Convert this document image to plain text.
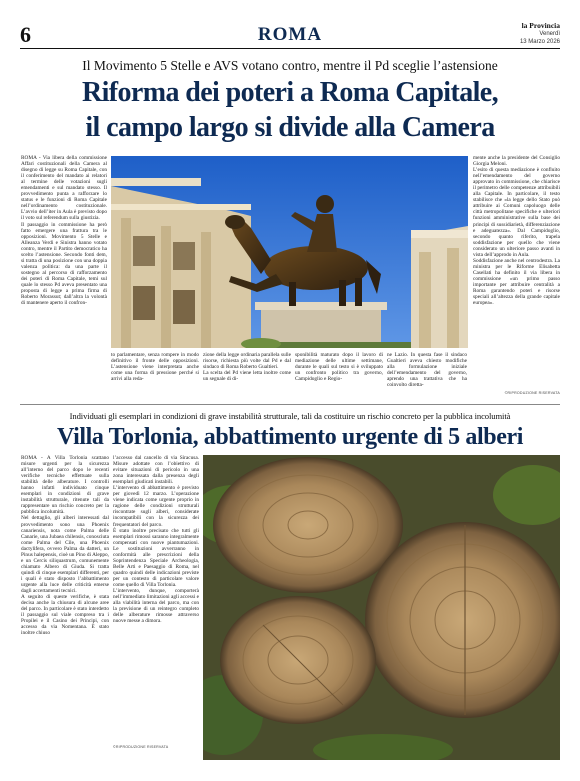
6	ROMA	la Provincia
Venerdì
13 Marzo 2026
Il Movimento 5 Stelle e AVS votano contro, mentre il Pd sceglie l’astensione
Riforma dei poteri a Roma Capitale,
il campo largo si divide alla Camera
©RIPRODUZIONE RISERVATA
ROMA - Via libera della commissione Affari costituzionali della Camera al disegno di legge su Roma Capitale, con il conferimento del mandato ai relatori al termine delle votazioni sugli emendamenti e sul mandato stesso. Il provvedimento punta a rafforzare lo status e le funzioni di Roma Capitale nell’ordinamento costituzionale. L’avvio dell’iter in Aula è previsto dopo il voto sul referendum sulla giustizia.
Il passaggio in commissione ha però fatto emergere una frattura tra le opposizioni. Movimento 5 Stelle e Alleanza Verdi e Sinistra hanno votato contro, mentre il Partito democratico ha scelto l’astensione. Secondo fonti dem, si tratta di una posizione con una doppia valenza politica: da una parte il sostegno al percorso di rafforzamento dei poteri di Roma Capitale, temi sul quale lo stesso Pd aveva presentato una proposta di legge a prima firma di Roberto Morassut; dall’altra la volontà di mantenere aperto il confron-
to parlamentare, senza rompere in modo definitivo il fronte delle opposizioni. L’astensione viene interpretata anche come una forma di pressione perché si arrivi alla reda-
zione della legge ordinaria parallela sulle risorse, richiesta più volte dal Pd e dal sindaco di Roma Roberto Gualtieri.
La scelta del Pd viene letta inoltre come un segnale di di-
sponibilità maturato dopo il lavoro di mediazione delle ultime settimane, durante le quali sul testo si è sviluppato un confronto politico tra governo, Campidoglio e Regio-
ne Lazio. In questa fase il sindaco Gualtieri aveva chiesto modifiche alla formulazione iniziale dell’emendamento del governo, aprendo una trattativa che ha coinvolto diretta-
mente anche la presidente del Consiglio Giorgia Meloni.
L’esito di questa mediazione è confluito nell’emendamento del governo approvato in commissione, che chiarisce il perimetro delle competenze attribuibili alla Capitale. In particolare, il testo stabilisce che «la legge dello Stato può attribuire ai Comuni capoluogo delle città metropolitane specifiche e ulteriori funzioni amministrative sulla base dei principi di sussidiarietà, differenziazione e adeguatezza». Dal Campidoglio, secondo quanto riferito, trapela soddisfazione per quello che viene considerato un ulteriore passo avanti in vista dell’approdo in Aula.
Soddisfazione anche nel centrodestra. La ministra per le Riforme Elisabetta Casellati ha definito il via libera in commissione «un primo passo importante per attribuire centralità a Roma garantendo poteri e risorse speciali all’altezza della grande capitale europea».
Individuati gli esemplari in condizioni di grave instabilità strutturale, tali da costituire un rischio concreto per la pubblica incolumità
Villa Torlonia, abbattimento urgente di 5 alberi
ROMA - A Villa Torlonia scattano misure urgenti per la sicurezza all’interno del parco dopo le recenti verifiche tecniche effettuate sulla stabilità delle alberature. I controlli hanno infatti individuato cinque esemplari in condizioni di grave instabilità strutturale, ritenute tali da rappresentare un rischio concreto per la pubblica incolumità.
Nel dettaglio, gli alberi interessati dal provvedimento sono una Phoenix canariensis, nota come Palma delle Canarie, una Jubaea chilensis, conosciuta come Palma del Cile, una Phoenix dactylifera, ovvero Palma da datteri, un Pinus halepensis, cioè un Pino di Aleppo, e un Cercis siliquastrum, comunemente chiamato Albero di Giuda. Si tratta quindi di cinque esemplari differenti, per i quali è stato disposto l’abbattimento urgente alla luce delle criticità emerse dagli accertamenti tecnici.
A seguito di queste verifiche, è stata decisa anche la chiusura di alcune aree del parco. In particolare è stato interdetto il passaggio sul viale compreso tra i Propilei e il Casino dei Principi, con accesso da via Nomentana. È stato inoltre chiuso
l’accesso dal cancello di via Siracusa. Misure adottate con l’obiettivo di evitare situazioni di pericolo in una zona interessata dalla presenza degli esemplari giudicati instabili.
L’intervento di abbattimento è previsto per giovedì 12 marzo. L’operazione viene indicata come urgente proprio in ragione delle condizioni strutturali riscontrate sugli alberi, considerate incompatibili con la sicurezza dei frequentatori del parco.
È stato inoltre precisato che tutti gli esemplari rimossi saranno integralmente compensati con nuove piantumazioni. Le sostituzioni avverranno in conformità alle prescrizioni della Soprintendenza Speciale Archeologia, Belle Arti e Paesaggio di Roma, nel quadro quindi delle indicazioni previste per un contesto di particolare valore come quello di Villa Torlonia.
L’intervento, dunque, comporterà nell’immediato limitazioni agli accessi e alla viabilità interna del parco, ma con la previsione di un reintegro completo delle alberature rimosse attraverso nuove messe a dimora.
©RIPRODUZIONE RISERVATA
